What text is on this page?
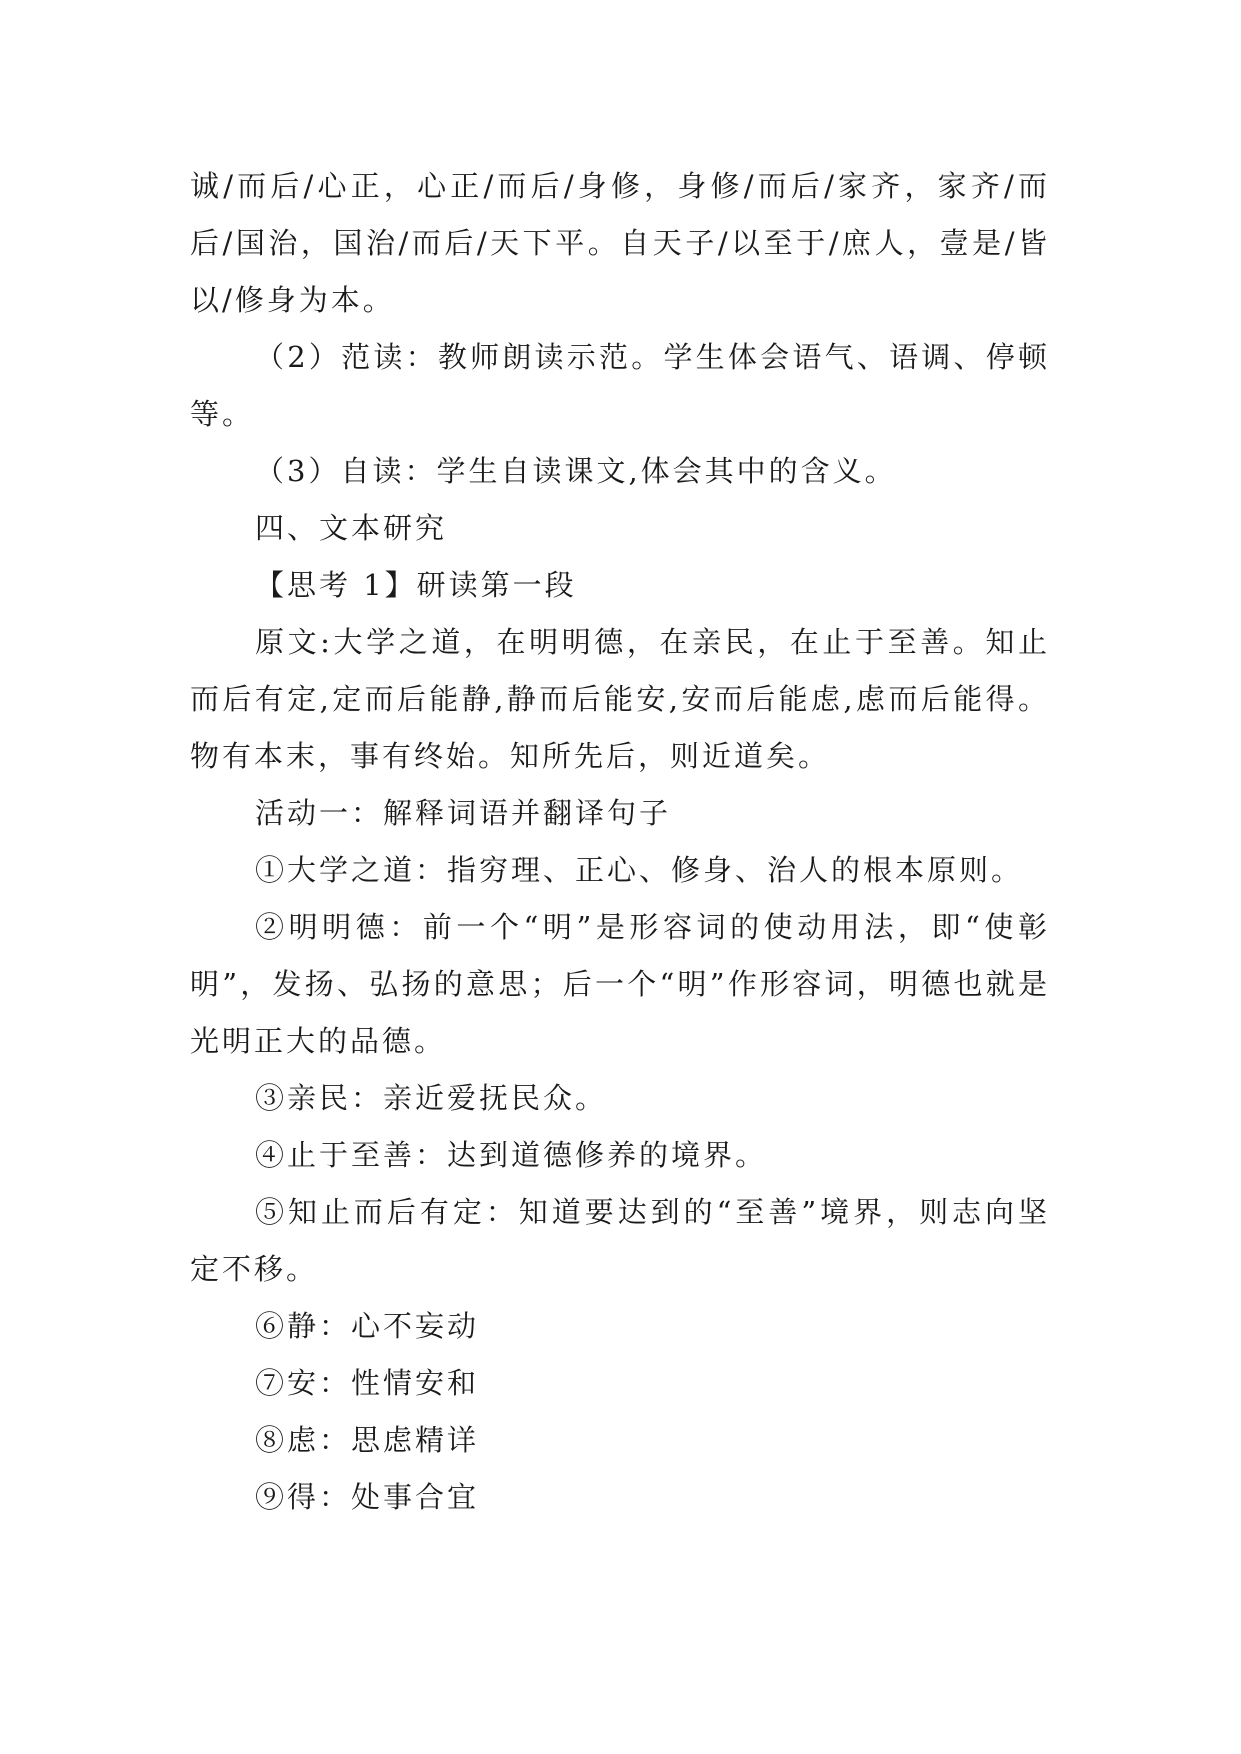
诚/而后/心正，心正/而后/身修，身修/而后/家齐，家齐/而后/国治，国治/而后/天下平。自天子/以至于/庶人，壹是/皆以/修身为本。

（2）范读：教师朗读示范。学生体会语气、语调、停顿等。

（3）自读：学生自读课文,体会其中的含义。

四、文本研究

【思考 1】研读第一段

原文:大学之道，在明明德，在亲民，在止于至善。知止而后有定,定而后能静,静而后能安,安而后能虑,虑而后能得。物有本末，事有终始。知所先后，则近道矣。

活动一：解释词语并翻译句子

①大学之道：指穷理、正心、修身、治人的根本原则。

②明明德：前一个“明”是形容词的使动用法，即“使彰明”，发扬、弘扬的意思；后一个“明”作形容词，明德也就是光明正大的品德。

③亲民：亲近爱抚民众。

④止于至善：达到道德修养的境界。

⑤知止而后有定：知道要达到的“至善”境界，则志向坚定不移。

⑥静：心不妄动

⑦安：性情安和

⑧虑：思虑精详

⑨得：处事合宜
